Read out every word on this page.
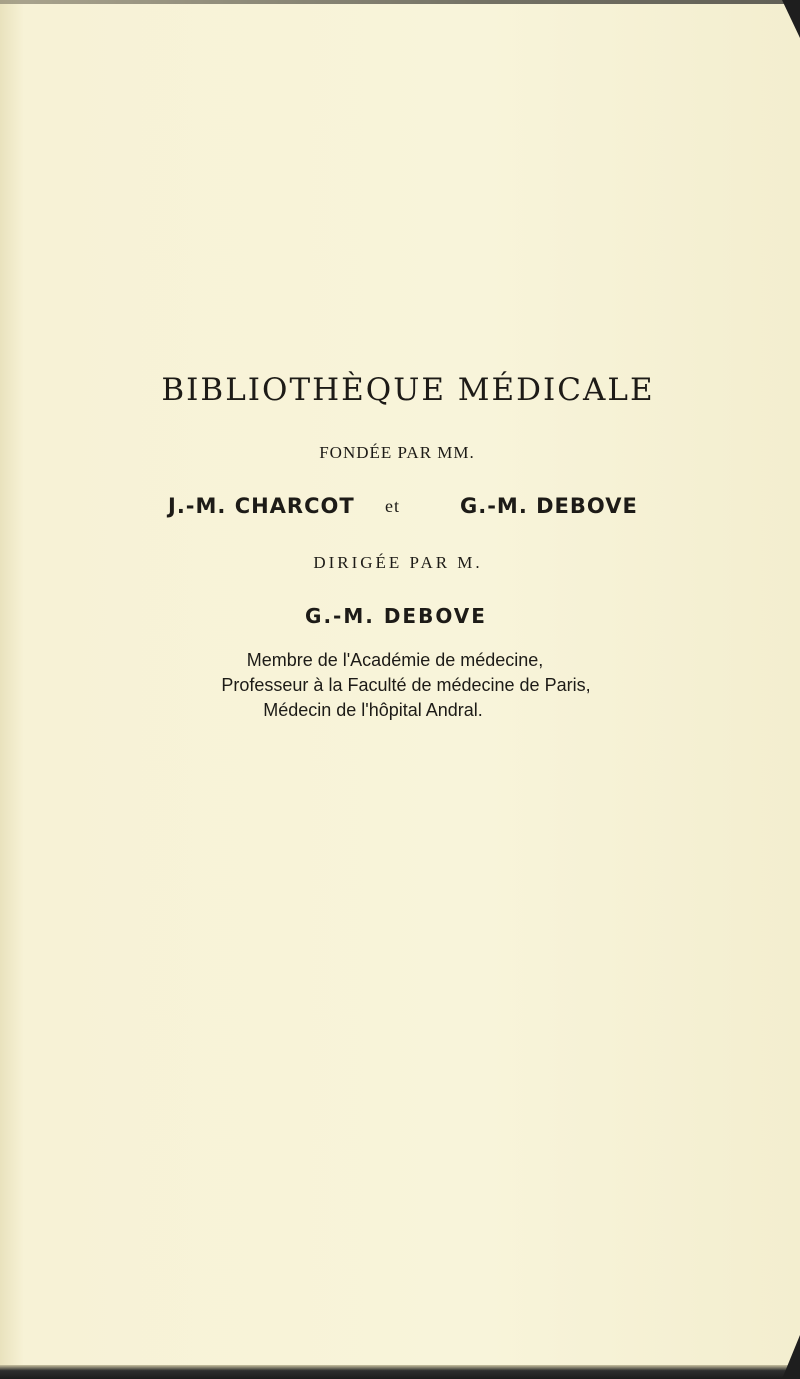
BIBLIOTHÈQUE MÉDICALE
FONDÉE PAR MM.
J.-M. CHARCOT et	G.-M. DEBOVE
DIRIGÉE PAR M.
G.-M. DEBOVE
Membre de l'Académie de médecine,
Professeur à la Faculté de médecine de Paris,
Médecin de l'hôpital Andral.
